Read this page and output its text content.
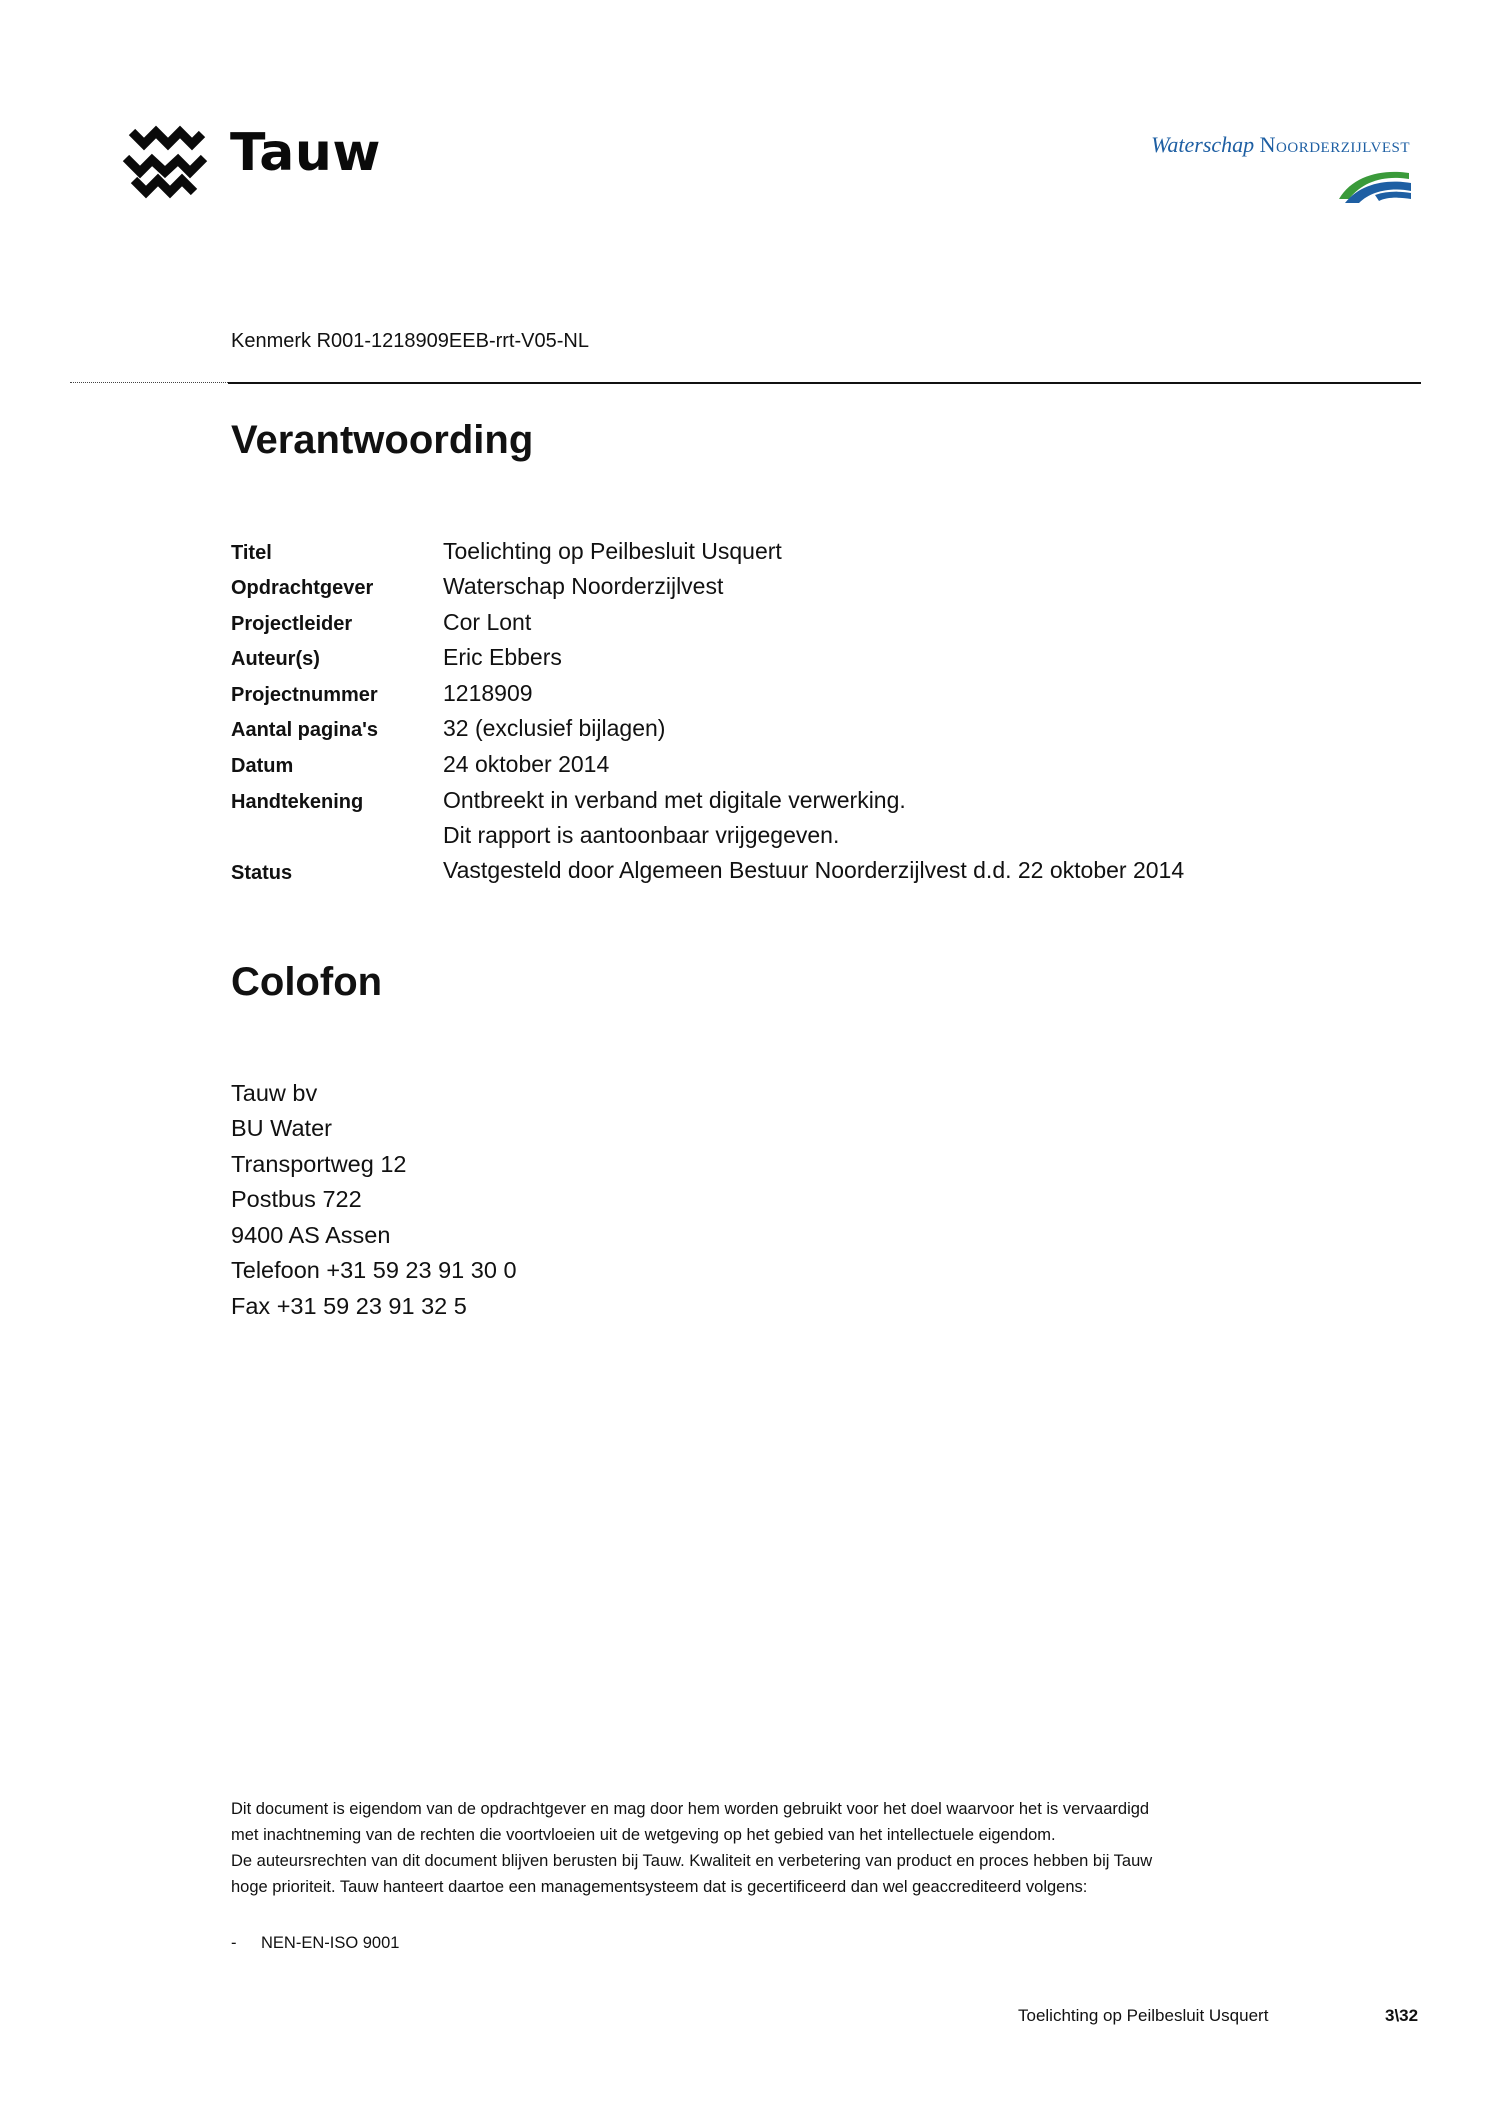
Tauw	Waterschap Noorderzijlvest
Kenmerk R001-1218909EEB-rrt-V05-NL
Verantwoording
Titel	Toelichting op Peilbesluit Usquert
Opdrachtgever	Waterschap Noorderzijlvest
Projectleider	Cor Lont
Auteur(s)	Eric Ebbers
Projectnummer	1218909
Aantal pagina's	32 (exclusief bijlagen)
Datum	24 oktober 2014
Handtekening	Ontbreekt in verband met digitale verwerking.
Dit rapport is aantoonbaar vrijgegeven.
Status	Vastgesteld door Algemeen Bestuur Noorderzijlvest d.d. 22 oktober 2014
Colofon
Tauw bv
BU Water
Transportweg 12
Postbus 722
9400 AS Assen
Telefoon +31 59 23 91 30 0
Fax +31 59 23 91 32 5
Dit document is eigendom van de opdrachtgever en mag door hem worden gebruikt voor het doel waarvoor het is vervaardigd
met inachtneming van de rechten die voortvloeien uit de wetgeving op het gebied van het intellectuele eigendom.
De auteursrechten van dit document blijven berusten bij Tauw. Kwaliteit en verbetering van product en proces hebben bij Tauw
hoge prioriteit. Tauw hanteert daartoe een managementsysteem dat is gecertificeerd dan wel geaccrediteerd volgens:
- NEN-EN-ISO 9001
Toelichting op Peilbesluit Usquert	3\32
